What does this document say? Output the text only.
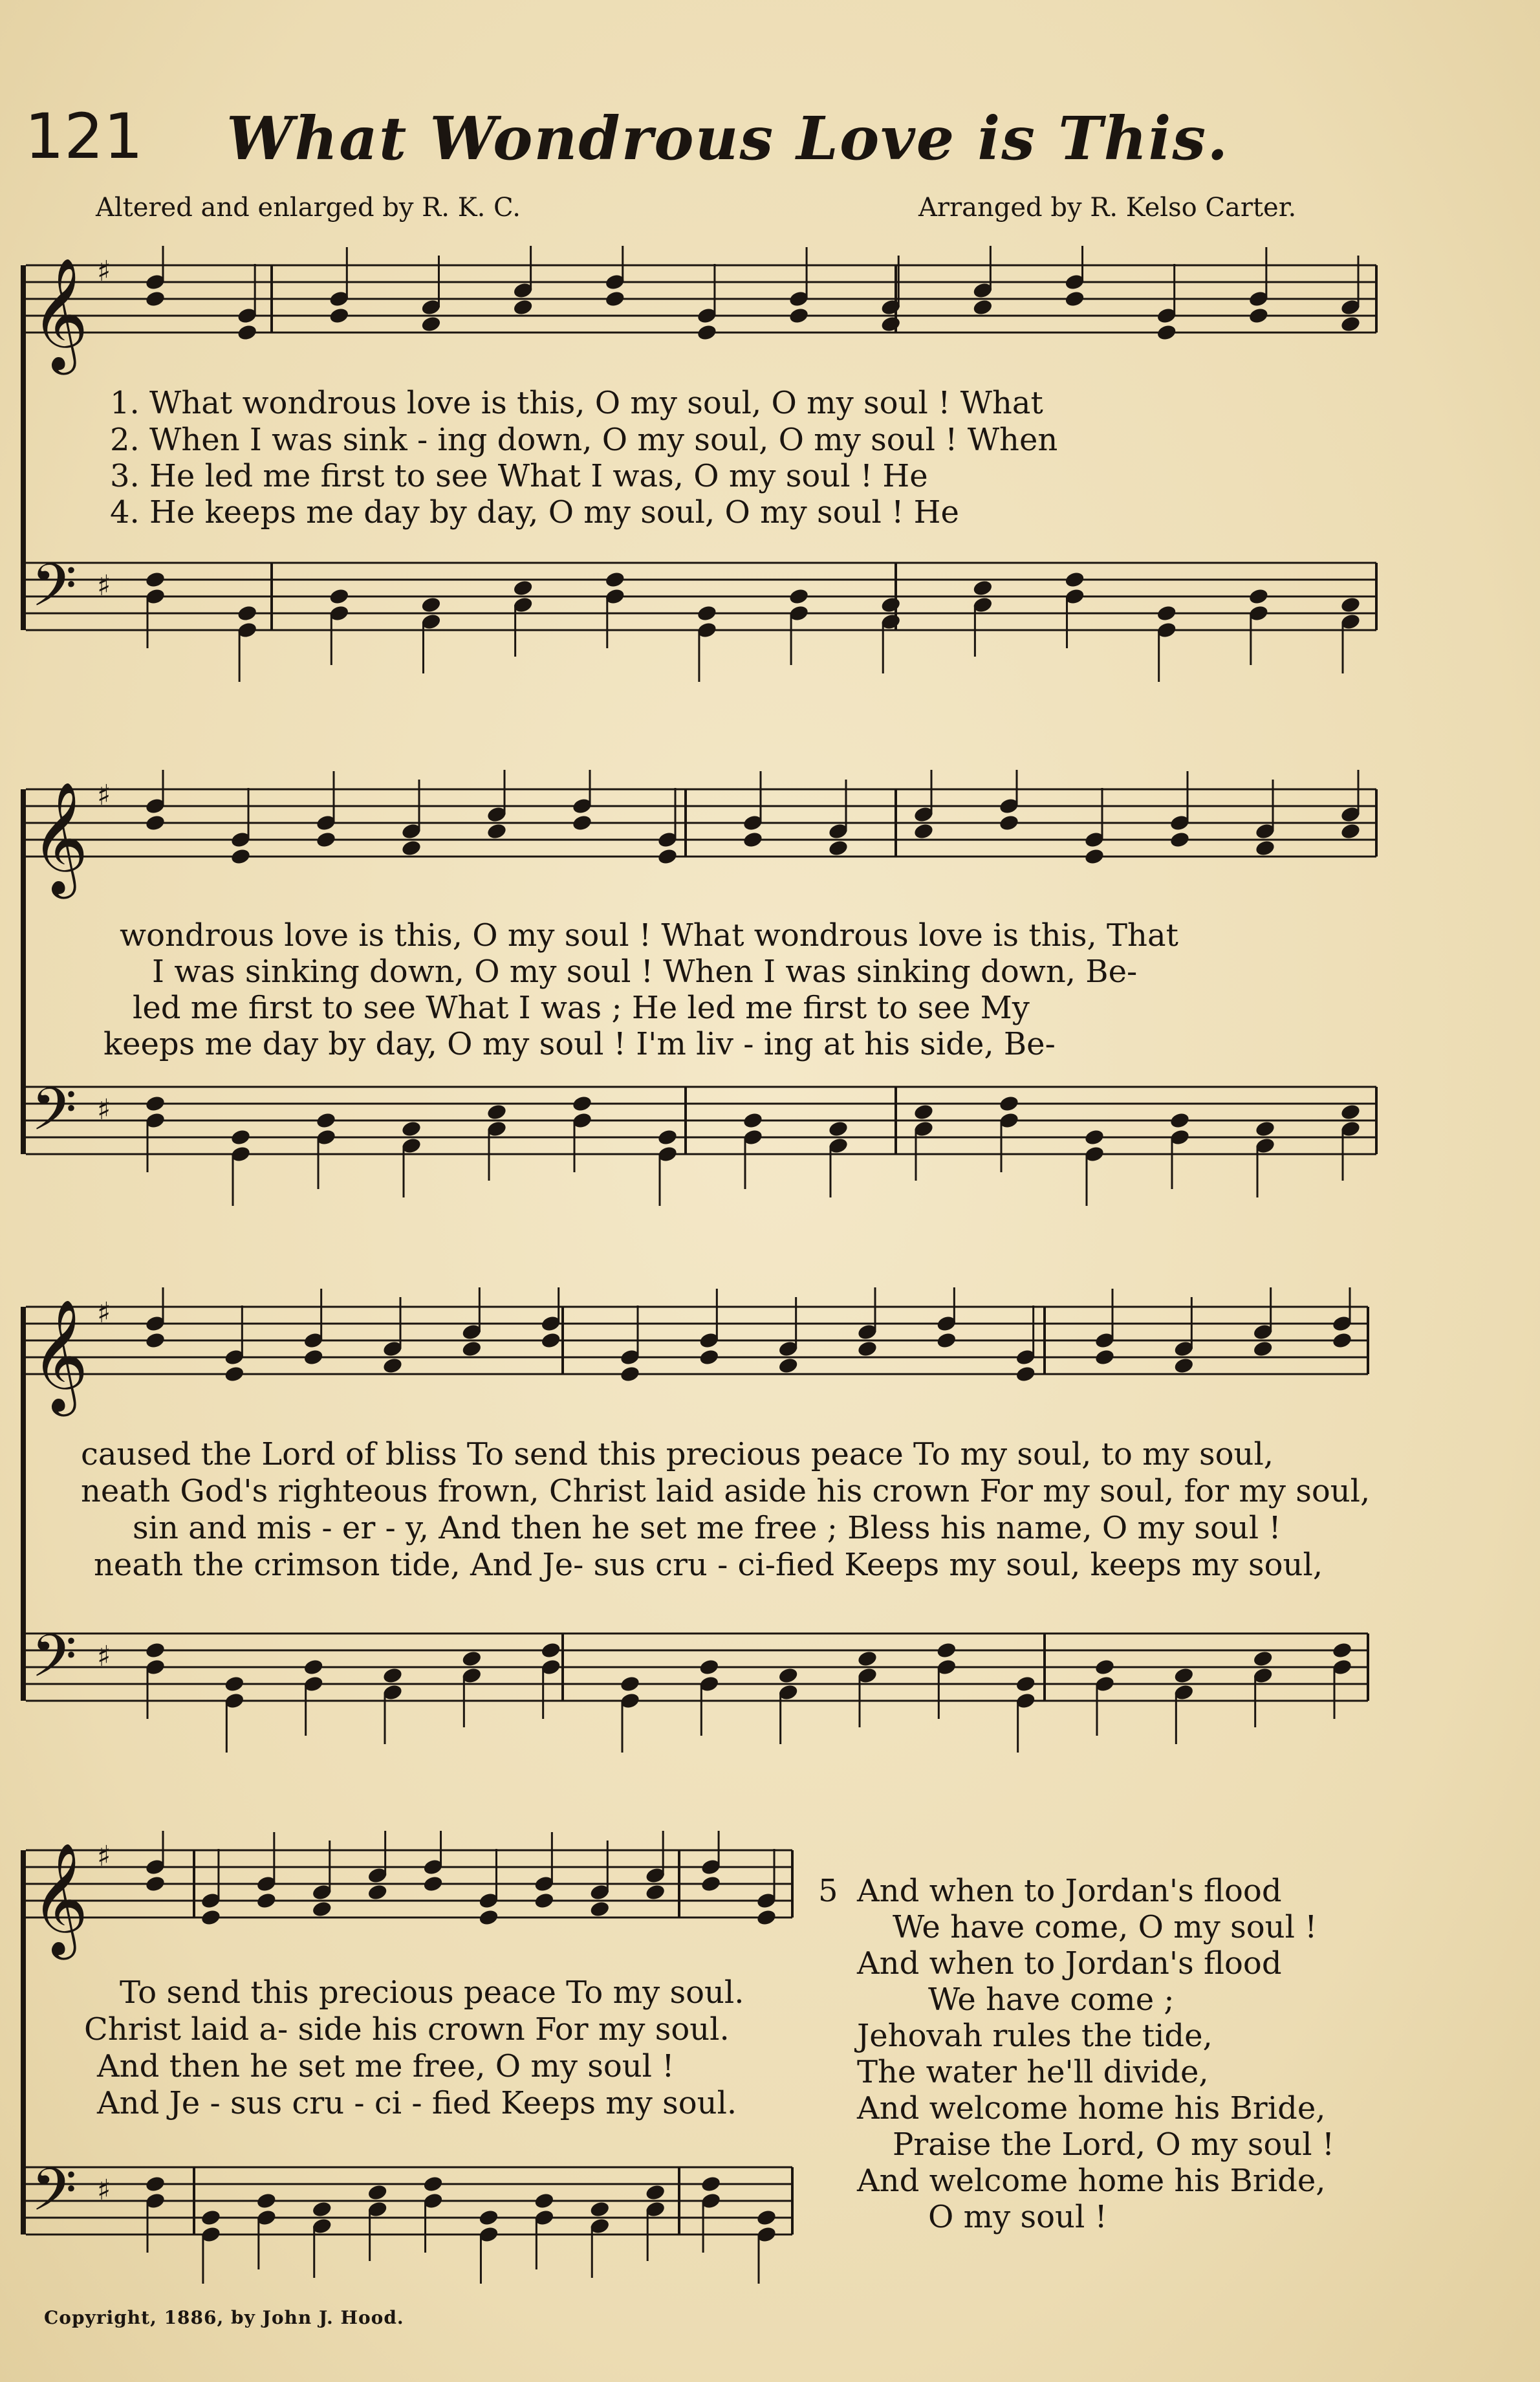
121 What Wondrous Love is This.
Altered and enlarged by R. K. C.	Arranged by R. Kelso Carter.
𝄞 ♯
𝄢 ♯
1. What wondrous love is this, O my soul, O my soul ! What
2. When I was sink - ing down, O my soul, O my soul ! When
3. He led me first to see What I was, O my soul ! He
4. He keeps me day by day, O my soul, O my soul ! He
𝄞 ♯
𝄢 ♯
wondrous love is this, O my soul ! What wondrous love is this, That
I was sinking down, O my soul ! When I was sinking down, Be-
led me first to see What I was ; He led me first to see My
keeps me day by day, O my soul ! I'm liv - ing at his side, Be-
𝄞 ♯
𝄢 ♯
caused the Lord of bliss To send this precious peace To my soul, to my soul,
neath God's righteous frown, Christ laid aside his crown For my soul, for my soul,
sin and mis - er - y, And then he set me free ; Bless his name, O my soul !
neath the crimson tide, And Je- sus cru - ci-fied Keeps my soul, keeps my soul,
𝄞 ♯
𝄢 ♯
To send this precious peace To my soul.
Christ laid a- side his crown For my soul.
And then he set me free, O my soul !
And Je - sus cru - ci - fied Keeps my soul.
5 And when to Jordan's flood
We have come, O my soul !
And when to Jordan's flood
We have come ;
Jehovah rules the tide,
The water he'll divide,
And welcome home his Bride,
Praise the Lord, O my soul !
And welcome home his Bride,
O my soul !
Copyright, 1886, by John J. Hood.
